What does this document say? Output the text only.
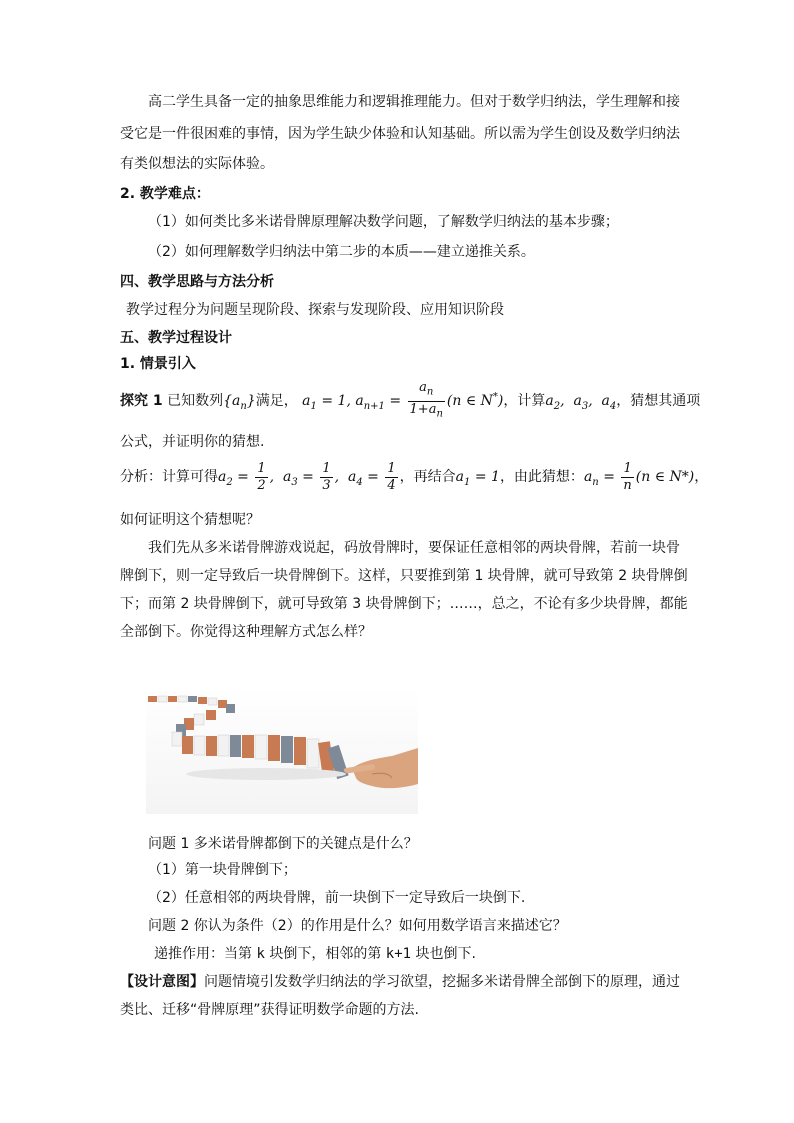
高二学生具备一定的抽象思维能力和逻辑推理能力。但对于数学归纳法，学生理解和接
受它是一件很困难的事情，因为学生缺少体验和认知基础。所以需为学生创设及数学归纳法
有类似想法的实际体验。
2. 教学难点：
（1）如何类比多米诺骨牌原理解决数学问题，了解数学归纳法的基本步骤；
（2）如何理解数学归纳法中第二步的本质——建立递推关系。
四、教学思路与方法分析
教学过程分为问题呈现阶段、探索与发现阶段、应用知识阶段
五、教学过程设计
1. 情景引入
探究 1 已知数列$\{a_n\}$满足， $a_1 = 1$, $a_{n+1} = \frac{a_n}{1+a_n} (n$ ∈ N*)，计算$a_2$,  $a_3$,  $a_4$，猜想其通项
公式，并证明你的猜想.
分析：计算可得$a_2 = \frac{1}{2}$ ,  $a_3 = \frac{1}{3}$ ,  $a_4 = \frac{1}{4}$ ，再结合$a_1 = 1$，由此猜想：$a_n = \frac{1}{n} (n$ ∈ N*)，
如何证明这个猜想呢？
我们先从多米诺骨牌游戏说起，码放骨牌时，要保证任意相邻的两块骨牌，若前一块骨
牌倒下，则一定导致后一块骨牌倒下。这样，只要推到第 1 块骨牌，就可导致第 2 块骨牌倒
下；而第 2 块骨牌倒下，就可导致第 3 块骨牌倒下；……，总之，不论有多少块骨牌，都能
全部倒下。你觉得这种理解方式怎么样？
问题 1 多米诺骨牌都倒下的关键点是什么？
（1）第一块骨牌倒下；
（2）任意相邻的两块骨牌，前一块倒下一定导致后一块倒下.
问题 2 你认为条件（2）的作用是什么？如何用数学语言来描述它？
递推作用：当第 k 块倒下，相邻的第 k+1 块也倒下.
【设计意图】问题情境引发数学归纳法的学习欲望，挖掘多米诺骨牌全部倒下的原理，通过
类比、迁移“骨牌原理”获得证明数学命题的方法.
